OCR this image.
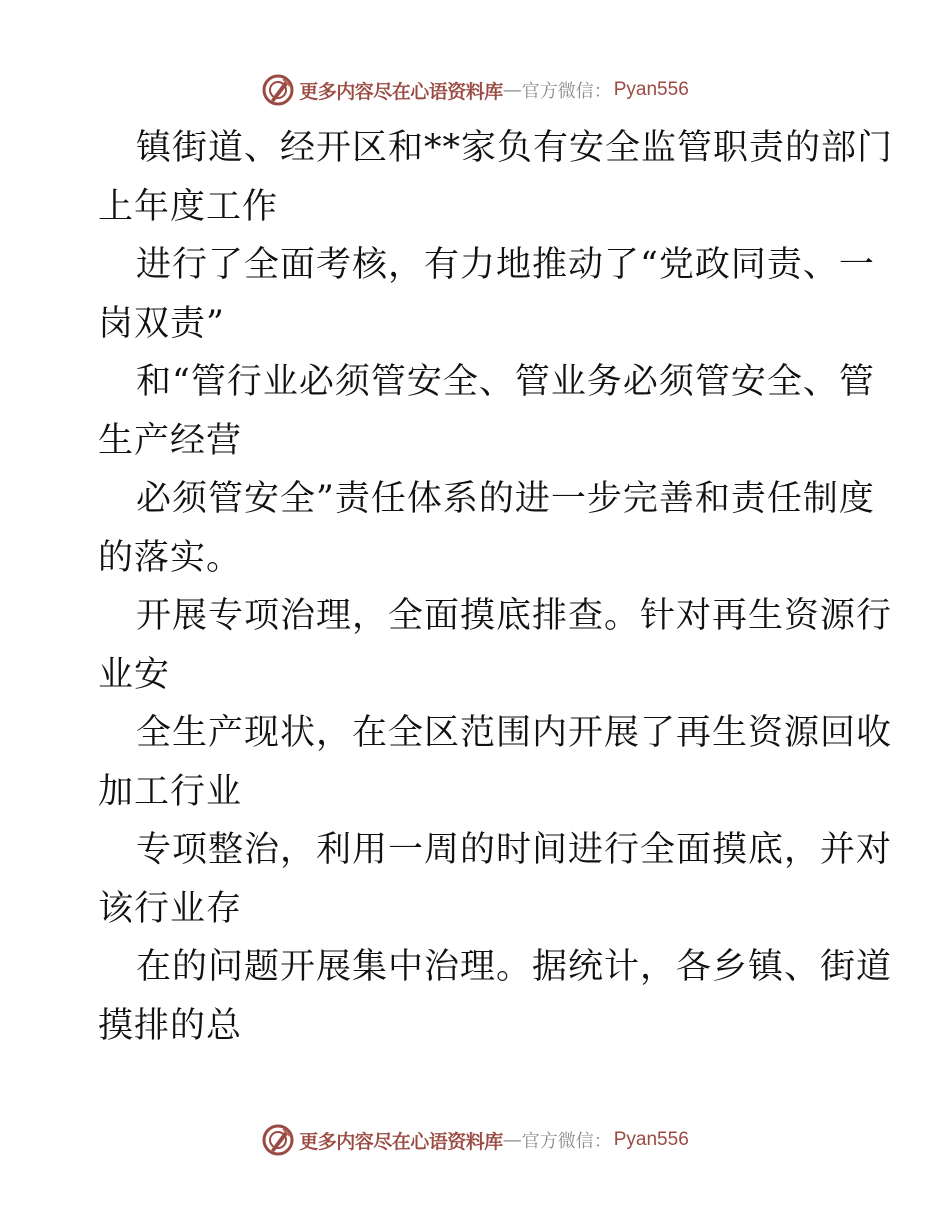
更多内容尽在心语资料库 — 官方微信： Pyan556
镇街道、经开区和**家负有安全监管职责的部门
上年度工作
进行了全面考核，有力地推动了“党政同责、一
岗双责”
和“管行业必须管安全、管业务必须管安全、管
生产经营
必须管安全”责任体系的进一步完善和责任制度
的落实。
开展专项治理，全面摸底排查。针对再生资源行
业安
全生产现状，在全区范围内开展了再生资源回收
加工行业
专项整治，利用一周的时间进行全面摸底，并对
该行业存
在的问题开展集中治理。据统计，各乡镇、街道
摸排的总
更多内容尽在心语资料库 — 官方微信： Pyan556
